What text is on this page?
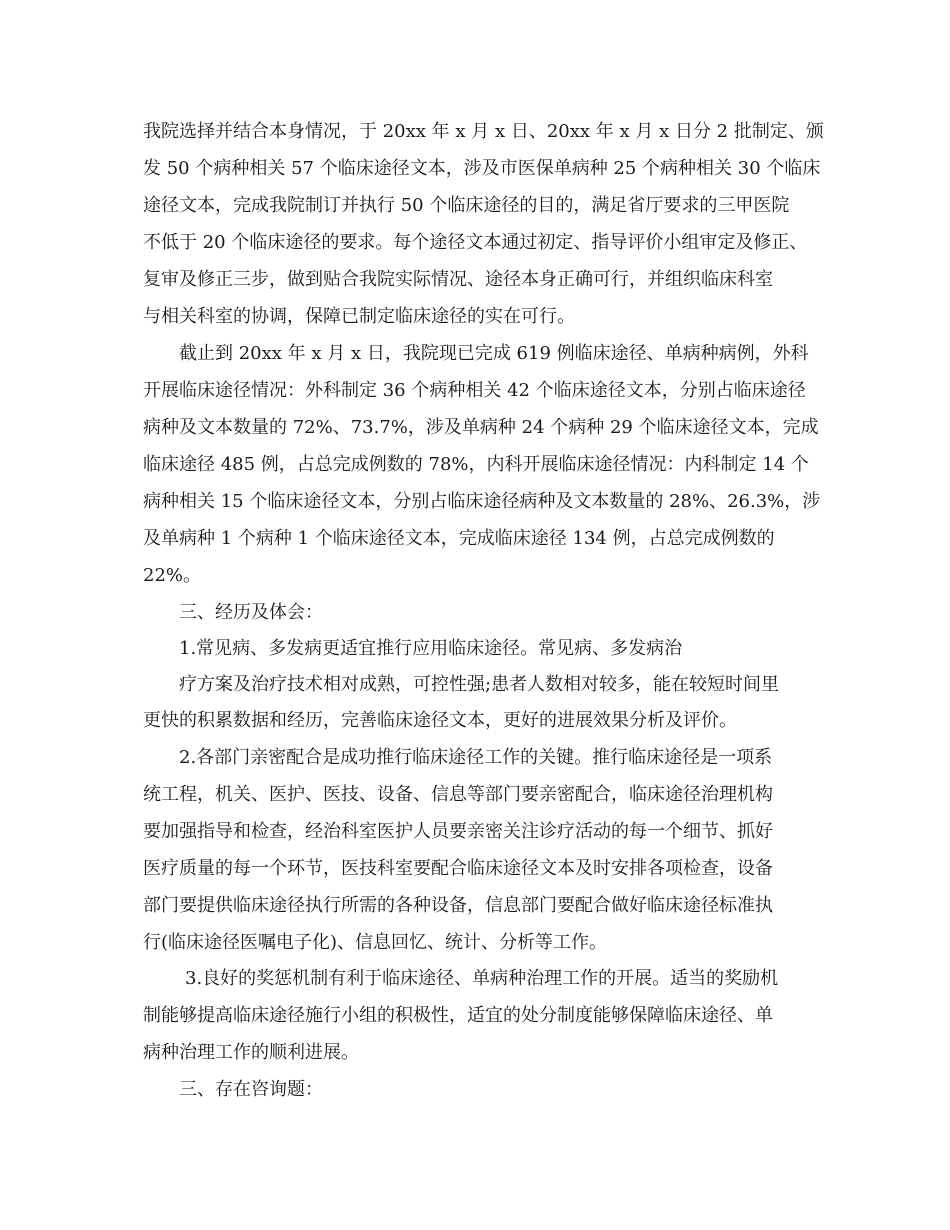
我院选择并结合本身情况，于 20xx 年 x 月 x 日、20xx 年 x 月 x 日分 2 批制定、颁
发 50 个病种相关 57 个临床途径文本，涉及市医保单病种 25 个病种相关 30 个临床
途径文本，完成我院制订并执行 50 个临床途径的目的，满足省厅要求的三甲医院
不低于 20 个临床途径的要求。每个途径文本通过初定、指导评价小组审定及修正、
复审及修正三步，做到贴合我院实际情况、途径本身正确可行，并组织临床科室
与相关科室的协调，保障已制定临床途径的实在可行。
截止到 20xx 年 x 月 x 日，我院现已完成 619 例临床途径、单病种病例，外科
开展临床途径情况：外科制定 36 个病种相关 42 个临床途径文本，分别占临床途径
病种及文本数量的 72%、73.7%，涉及单病种 24 个病种 29 个临床途径文本，完成
临床途径 485 例，占总完成例数的 78%，内科开展临床途径情况：内科制定 14 个
病种相关 15 个临床途径文本，分别占临床途径病种及文本数量的 28%、26.3%，涉
及单病种 1 个病种 1 个临床途径文本，完成临床途径 134 例，占总完成例数的
22%。
三、经历及体会：
1.常见病、多发病更适宜推行应用临床途径。常见病、多发病治
疗方案及治疗技术相对成熟，可控性强;患者人数相对较多，能在较短时间里
更快的积累数据和经历，完善临床途径文本，更好的进展效果分析及评价。
2.各部门亲密配合是成功推行临床途径工作的关键。推行临床途径是一项系
统工程，机关、医护、医技、设备、信息等部门要亲密配合，临床途径治理机构
要加强指导和检查，经治科室医护人员要亲密关注诊疗活动的每一个细节、抓好
医疗质量的每一个环节，医技科室要配合临床途径文本及时安排各项检查，设备
部门要提供临床途径执行所需的各种设备，信息部门要配合做好临床途径标准执
行(临床途径医嘱电子化)、信息回忆、统计、分析等工作。
3.良好的奖惩机制有利于临床途径、单病种治理工作的开展。适当的奖励机
制能够提高临床途径施行小组的积极性，适宜的处分制度能够保障临床途径、单
病种治理工作的顺利进展。
三、存在咨询题：
